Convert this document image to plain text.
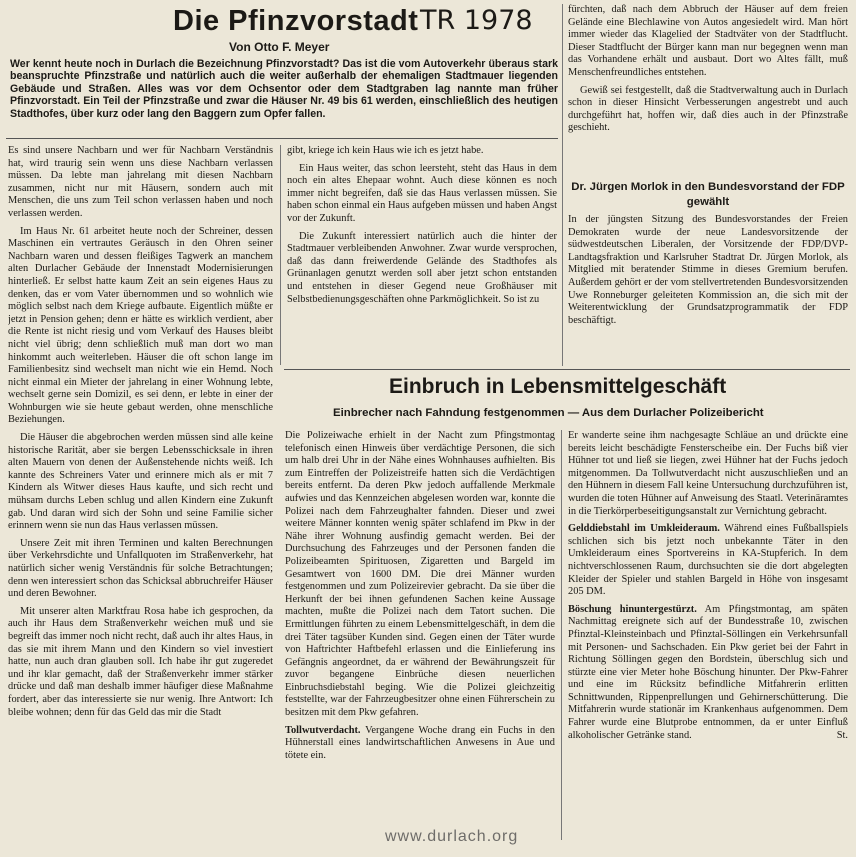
Die Pfinzvorstadt TR 1978
Von Otto F. Meyer
Wer kennt heute noch in Durlach die Bezeichnung Pfinzvorstadt? Das ist die vom Autoverkehr überaus stark beanspruchte Pfinzstraße und natürlich auch die weiter außerhalb der ehemaligen Stadtmauer liegenden Gebäude und Straßen. Alles was vor dem Ochsentor oder dem Stadtgraben lag nannte man früher Pfinzvorstadt. Ein Teil der Pfinzstraße und zwar die Häuser Nr. 49 bis 61 werden, einschließlich des heutigen Stadthofes, über kurz oder lang den Baggern zum Opfer fallen.

Es sind unsere Nachbarn und wer für Nachbarn Verständnis hat, wird traurig sein wenn uns diese Nachbarn verlassen müssen. Da lebte man jahrelang mit diesen Nachbarn zusammen, nicht nur mit Häusern, sondern auch mit Menschen, die uns zum Teil schon verlassen haben und noch verlassen werden.

Im Haus Nr. 61 arbeitet heute noch der Schreiner, dessen Maschinen ein vertrautes Geräusch in den Ohren seiner Nachbarn waren und dessen fleißiges Tagwerk an manchem alten Durlacher Gebäude der Innenstadt Modernisierungen hinterließ. Er selbst hatte kaum Zeit an sein eigenes Haus zu denken, das er vom Vater übernommen und so wohnlich wie möglich selbst nach dem Kriege aufbaute. Eigentlich müßte er jetzt in Pension gehen; denn er hätte es wirklich verdient, aber die Rente ist nicht riesig und vom Verkauf des Hauses bleibt nicht viel übrig; denn schließlich muß man dort wo man hinkommt auch weiterleben. Häuser die oft schon lange im Familienbesitz sind wechselt man nicht wie ein Hemd. Noch nicht einmal ein Mieter der jahrelang in einer Wohnung lebte, wechselt gerne sein Domizil, es sei denn, er lebte in einer der Wohnburgen wie sie heute gebaut werden, ohne menschliche Beziehungen.

Die Häuser die abgebrochen werden müssen sind alle keine historische Rarität, aber sie bergen Lebensschicksale in ihren alten Mauern von denen der Außenstehende nichts weiß. Ich kannte des Schreiners Vater und erinnere mich als er mit 7 Kindern als Witwer dieses Haus kaufte, und sich recht und mühsam durchs Leben schlug und allen Kindern eine Zukunft gab. Und daran wird sich der Sohn und seine Familie sicher erinnern wenn sie nun das Haus verlassen müssen.

Unsere Zeit mit ihren Terminen und kalten Berechnungen über Verkehrsdichte und Unfallquoten im Straßenverkehr, hat natürlich sicher wenig Verständnis für solche Betrachtungen; denn wen interessiert schon das Schicksal abbruchreifer Häuser und deren Bewohner.

Mit unserer alten Marktfrau Rosa habe ich gesprochen, da auch ihr Haus dem Straßenverkehr weichen muß und sie begreift das immer noch nicht recht, daß auch ihr altes Haus, in das sie mit ihrem Mann und den Kindern so viel investiert hatte, nun auch dran glauben soll. Ich habe ihr gut zugeredet und ihr klar gemacht, daß der Straßenverkehr immer stärker drücke und daß man deshalb immer häufiger diese Maßnahme fordert, aber das interessierte sie nur wenig. Ihre Antwort: Ich bleibe wohnen; denn für das Geld das mir die Stadt

gibt, kriege ich kein Haus wie ich es jetzt habe.

Ein Haus weiter, das schon leersteht, steht das Haus in dem noch ein altes Ehepaar wohnt. Auch diese können es noch immer nicht begreifen, daß sie das Haus verlassen müssen. Sie haben schon einmal ein Haus aufgeben müssen und haben Angst vor der Zukunft.

Die Zukunft interessiert natürlich auch die hinter der Stadtmauer verbleibenden Anwohner. Zwar wurde versprochen, daß das dann freiwerdende Gelände des Stadthofes als Grünanlagen genutzt werden soll aber jetzt schon entstanden und entstehen in dieser Gegend neue Großhäuser mit Selbstbedienungsgeschäften ohne Parkmöglichkeit. So ist zu

fürchten, daß nach dem Abbruch der Häuser auf dem freien Gelände eine Blechlawine von Autos angesiedelt wird. Man hört immer wieder das Klagelied der Stadtväter von der Stadtflucht. Dieser Stadtflucht der Bürger kann man nur begegnen wenn man das Vorhandene erhält und ausbaut. Dort wo Altes fällt, muß Menschenfreundliches entstehen.

Gewiß sei festgestellt, daß die Stadtverwaltung auch in Durlach schon in dieser Hinsicht Verbesserungen angestrebt und auch durchgeführt hat, hoffen wir, daß dies auch in der Pfinzstraße geschieht.

Dr. Jürgen Morlok in den Bundesvorstand der FDP gewählt

In der jüngsten Sitzung des Bundesvorstandes der Freien Demokraten wurde der neue Landesvorsitzende der südwestdeutschen Liberalen, der Vorsitzende der FDP/DVP-Landtagsfraktion und Karlsruher Stadtrat Dr. Jürgen Morlok, als Mitglied mit beratender Stimme in dieses Gremium berufen. Außerdem gehört er der vom stellvertretenden Bundesvorsitzenden Uwe Ronneburger geleiteten Kommission an, die sich mit der Weiterentwicklung der Grundsatzprogrammatik der FDP beschäftigt.

Einbruch in Lebensmittelgeschäft
Einbrecher nach Fahndung festgenommen — Aus dem Durlacher Polizeibericht

Die Polizeiwache erhielt in der Nacht zum Pfingstmontag telefonisch einen Hinweis über verdächtige Personen, die sich um halb drei Uhr in der Nähe eines Wohnhauses aufhielten. Bis zum Eintreffen der Polizeistreife hatten sich die Verdächtigen bereits entfernt. Da deren Pkw jedoch auffallende Merkmale aufwies und das Kennzeichen abgelesen worden war, konnte die Polizei nach dem Fahrzeughalter fahnden. Dieser und zwei weitere Männer konnten wenig später schlafend im Pkw in der Nähe ihrer Wohnung ausfindig gemacht werden. Bei der Durchsuchung des Fahrzeuges und der Personen fanden die Polizeibeamten Spirituosen, Zigaretten und Bargeld im Gesamtwert von 1600 DM. Die drei Männer wurden festgenommen und zum Polizeirevier gebracht. Da sie über die Herkunft der bei ihnen gefundenen Sachen keine Aussage machten, mußte die Polizei nach dem Tatort suchen. Die Ermittlungen führten zu einem Lebensmittelgeschäft, in dem die drei Täter tagsüber Kunden sind. Gegen einen der Täter wurde von Haftrichter Haftbefehl erlassen und die Einlieferung ins Gefängnis angeordnet, da er während der Bewährungszeit für zuvor begangene Einbrüche diesen neuerlichen Einbruchsdiebstahl beging. Wie die Polizei gleichzeitig feststellte, war der Fahrzeugbesitzer ohne einen Führerschein zu besitzen mit dem Pkw gefahren.

Tollwutverdacht. Vergangene Woche drang ein Fuchs in den Hühnerstall eines landwirtschaftlichen Anwesens in Aue und tötete ein.

Er wanderte seine ihm nachgesagte Schläue an und drückte eine bereits leicht beschädigte Fensterscheibe ein. Der Fuchs biß vier Hühner tot und ließ sie liegen, zwei Hühner hat der Fuchs jedoch mitgenommen. Da Tollwutverdacht nicht auszuschließen und an den Hühnern in diesem Fall keine Untersuchung durchzuführen ist, wurden die toten Hühner auf Anweisung des Staatl. Veterinäramtes in die Tierkörperbeseitigungsanstalt zur Vernichtung gebracht.

Gelddiebstahl im Umkleideraum. Während eines Fußballspiels schlichen sich bis jetzt noch unbekannte Täter in den Umkleideraum eines Sportvereins in KA-Stupferich. In dem nichtverschlossenen Raum, durchsuchten sie die dort abgelegten Kleider der Spieler und stahlen Bargeld in Höhe von insgesamt 205 DM.

Böschung hinuntergestürzt. Am Pfingstmontag, am späten Nachmittag ereignete sich auf der Bundesstraße 10, zwischen Pfinztal-Kleinsteinbach und Pfinztal-Söllingen ein Verkehrsunfall mit Personen- und Sachschaden. Ein Pkw geriet bei der Fahrt in Richtung Söllingen gegen den Bordstein, überschlug sich und stürzte eine vier Meter hohe Böschung hinunter. Der Pkw-Fahrer und eine im Rücksitz befindliche Mitfahrerin erlitten Schnittwunden, Rippenprellungen und Gehirnerschütterung. Die Mitfahrerin wurde stationär im Krankenhaus aufgenommen. Dem Fahrer wurde eine Blutprobe entnommen, da er unter Einfluß alkoholischer Getränke stand.	St.

www.durlach.org
